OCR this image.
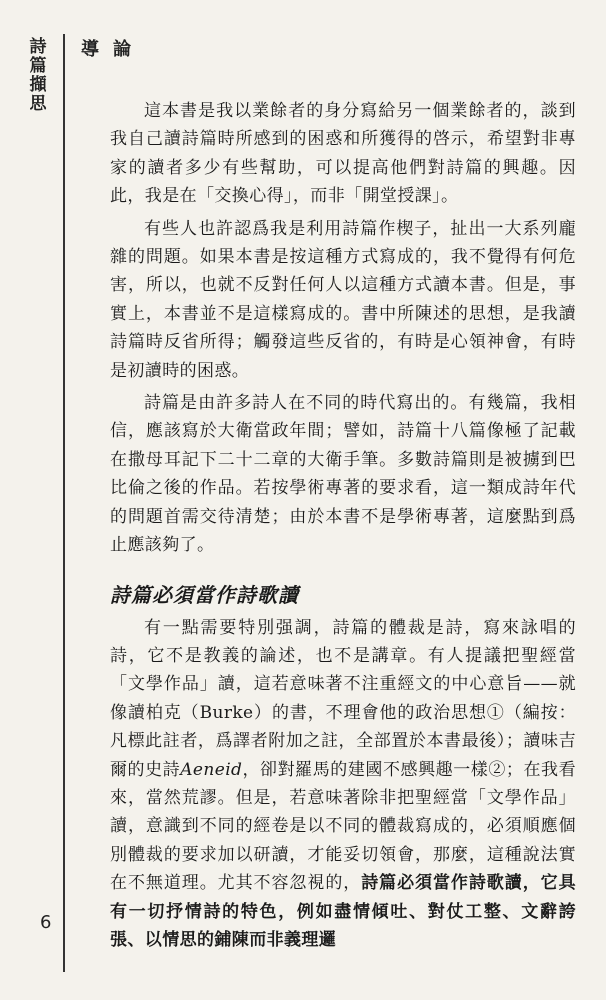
詩
篇
擷
思
導論

這本書是我以業餘者的身分寫給另一個業餘者的，談到我自己讀詩篇時所感到的困惑和所獲得的啓示，希望對非專家的讀者多少有些幫助，可以提高他們對詩篇的興趣。因此，我是在「交換心得」，而非「開堂授課」。

有些人也許認爲我是利用詩篇作楔子，扯出一大系列龐雜的問題。如果本書是按這種方式寫成的，我不覺得有何危害，所以，也就不反對任何人以這種方式讀本書。但是，事實上，本書並不是這樣寫成的。書中所陳述的思想，是我讀詩篇時反省所得；觸發這些反省的，有時是心領神會，有時是初讀時的困惑。

詩篇是由許多詩人在不同的時代寫出的。有幾篇，我相信，應該寫於大衛當政年間；譬如，詩篇十八篇像極了記載在撒母耳記下二十二章的大衛手筆。多數詩篇則是被擄到巴比倫之後的作品。若按學術專著的要求看，這一類成詩年代的問題首需交待清楚；由於本書不是學術專著，這麼點到爲止應該夠了。

詩篇必須當作詩歌讀

有一點需要特別强調，詩篇的體裁是詩，寫來詠唱的詩，它不是教義的論述，也不是講章。有人提議把聖經當「文學作品」讀，這若意味著不注重經文的中心意旨——就像讀柏克（Burke）的書，不理會他的政治思想①（編按：凡標此註者，爲譯者附加之註，全部置於本書最後）；讀味吉爾的史詩Aeneid，卻對羅馬的建國不感興趣一樣②；在我看來，當然荒謬。但是，若意味著除非把聖經當「文學作品」讀，意識到不同的經卷是以不同的體裁寫成的，必須順應個別體裁的要求加以研讀，才能妥切領會，那麼，這種說法實在不無道理。尤其不容忽視的，詩篇必須當作詩歌讀，它具有一切抒情詩的特色，例如盡情傾吐、對仗工整、文辭誇張、以情思的鋪陳而非義理邏

6
